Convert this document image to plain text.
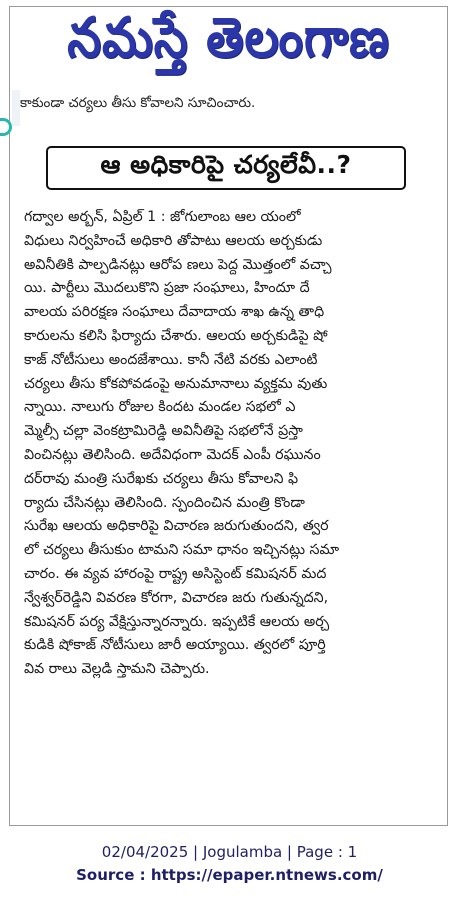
నమస్తే తెలంగాణ
కాకుండా చర్యలు తీసు కోవాలని సూచించారు.
ఆ అధికారిపై చర్యలేవీ..?
గద్వాల అర్బన్, ఏప్రిల్ 1 : జోగులాంబ ఆల యంలో
విధులు నిర్వహించే అధికారి తోపాటు ఆలయ అర్చకుడు
అవినీతికి పాల్పడినట్లు ఆరోప ణలు పెద్ద మొత్తంలో వచ్చా
యి. పార్టీలు మొదలుకొని ప్రజా సంఘాలు, హిందూ దే
వాలయ పరిరక్షణ సంఘాలు దేవాదాయ శాఖ ఉన్న తాధి
కారులను కలిసి ఫిర్యాదు చేశారు. ఆలయ అర్చకుడిపై షో
కాజ్ నోటీసులు అందజేశాయి. కానీ నేటి వరకు ఎలాంటి
చర్యలు తీసు కోకపోవడంపై అనుమానాలు వ్యక్తమ వుతు
న్నాయి. నాలుగు రోజుల కిందట మండల సభలో ఎ
మ్మెల్సీ చల్లా వెంకట్రామిరెడ్డి అవినీతిపై సభలోనే ప్రస్తా
వించినట్లు తెలిసింది. అదేవిధంగా మెదక్ ఎంపీ రఘునం
దర్‌రావు మంత్రి సురేఖకు చర్యలు తీసు కోవాలని ఫి
ర్యాదు చేసినట్లు తెలిసింది. స్పందించిన మంత్రి కొండా
సురేఖ ఆలయ అధికారిపై విచారణ జరుగుతుందని, త్వర
లో చర్యలు తీసుకుం టామని సమా ధానం ఇచ్చినట్లు సమా
చారం. ఈ వ్యవ హారంపై రాష్ట్ర అసిస్టెంట్ కమిషనర్ మద
న్వేశ్వర్‌రెడ్డిని వివరణ కోరగా, విచారణ జరు గుతున్నదని,
కమిషనర్ పర్య వేక్షిస్తున్నారన్నారు. ఇప్పటికే ఆలయ అర్చ
కుడికి షోకాజ్ నోటీసులు జారీ అయ్యాయి. త్వరలో పూర్తి
వివ రాలు వెల్లడి స్తామని చెప్పారు.
02/04/2025 | Jogulamba | Page : 1
Source : https://epaper.ntnews.com/
